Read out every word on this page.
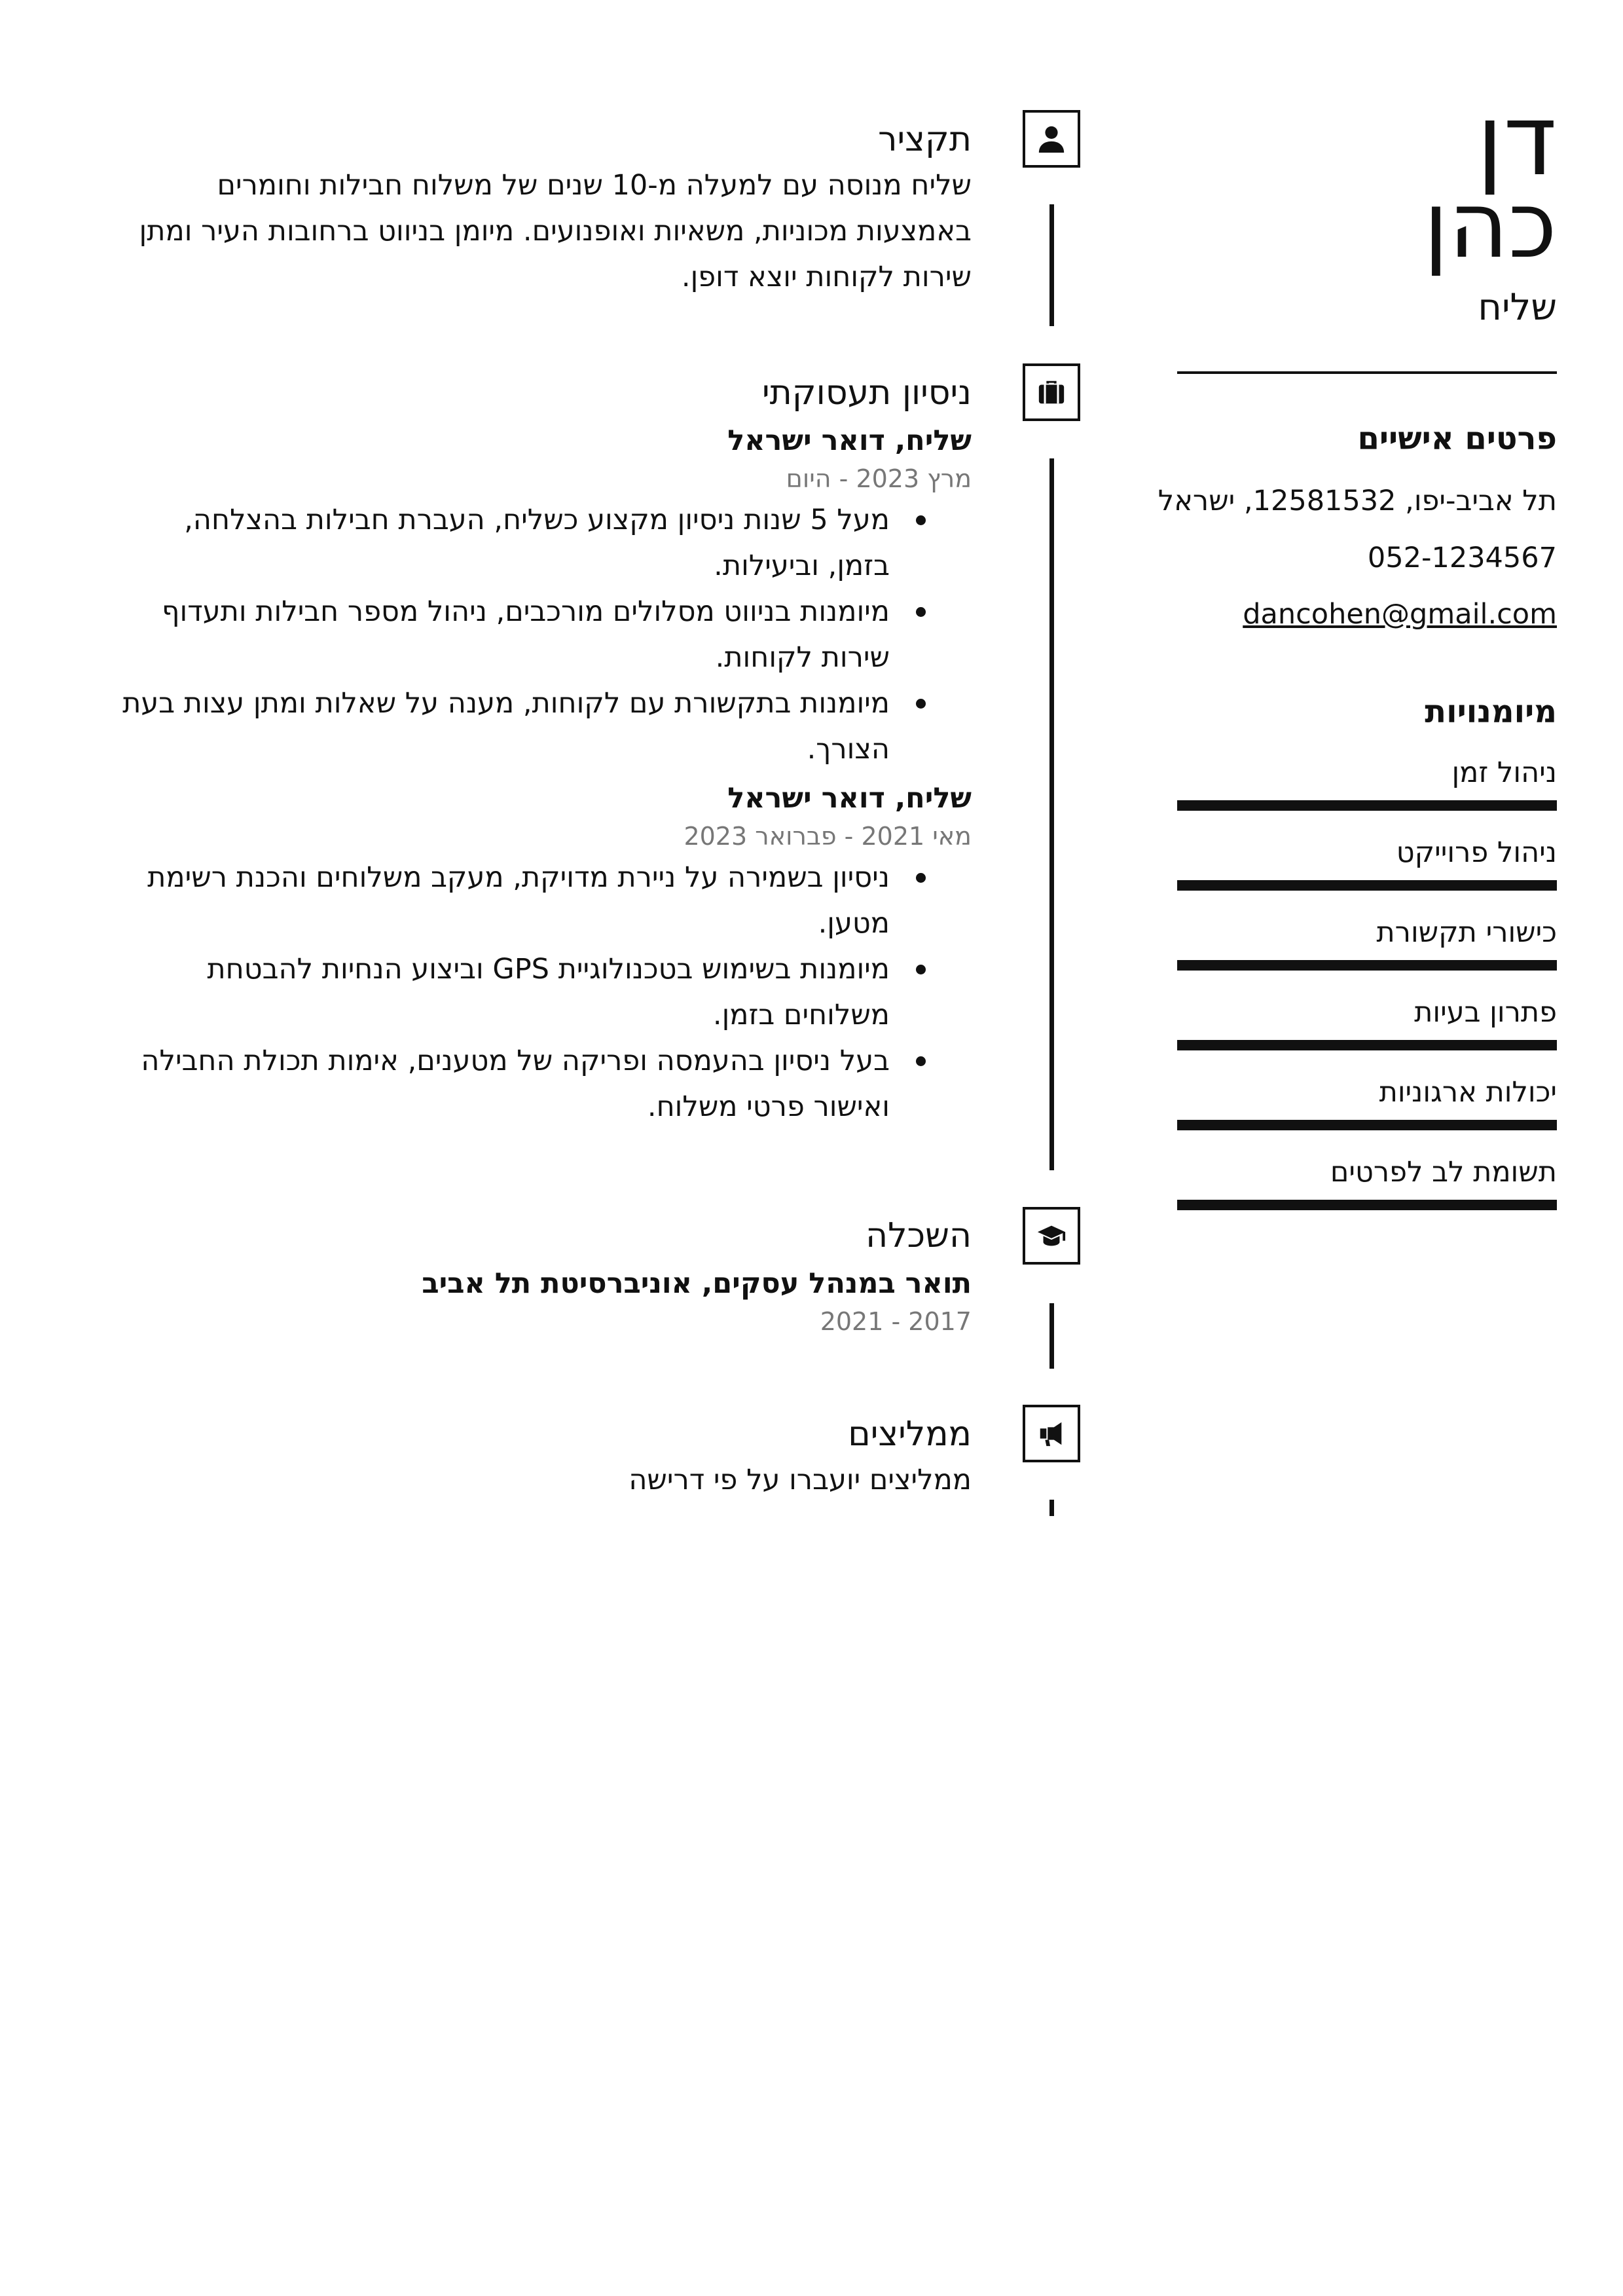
דן
כהן
שליח
פרטים אישיים
תל אביב-יפו, 12581532, ישראל
052-1234567
dancohen@gmail.com
מיומנויות
ניהול זמן
ניהול פרוייקט
כישורי תקשורת
פתרון בעיות
יכולות ארגוניות
תשומת לב לפרטים
תקציר

שליח מנוסה עם למעלה מ-10 שנים של משלוח חבילות וחומרים באמצעות מכוניות, משאיות ואופנועים. מיומן בניווט ברחובות העיר ומתן שירות לקוחות יוצא דופן.

ניסיון תעסוקתי

שליח, דואר ישראל

מרץ 2023 - היום

מעל 5 שנות ניסיון מקצוע כשליח, העברת חבילות בהצלחה, בזמן, וביעילות.
מיומנות בניווט מסלולים מורכבים, ניהול מספר חבילות ותעדוף שירות לקוחות.
מיומנות בתקשורת עם לקוחות, מענה על שאלות ומתן עצות בעת הצורך.

שליח, דואר ישראל

מאי 2021 - פברואר 2023

ניסיון בשמירה על ניירת מדויקת, מעקב משלוחים והכנת רשימת מטען.
מיומנות בשימוש בטכנולוגיית GPS וביצוע הנחיות להבטחת משלוחים בזמן.
בעל ניסיון בהעמסה ופריקה של מטענים, אימות תכולת החבילה ואישור פרטי משלוח.
השכלה

תואר במנהל עסקים, אוניברסיטת תל אביב

2017 - 2021

ממליצים

ממליצים יועברו על פי דרישה
